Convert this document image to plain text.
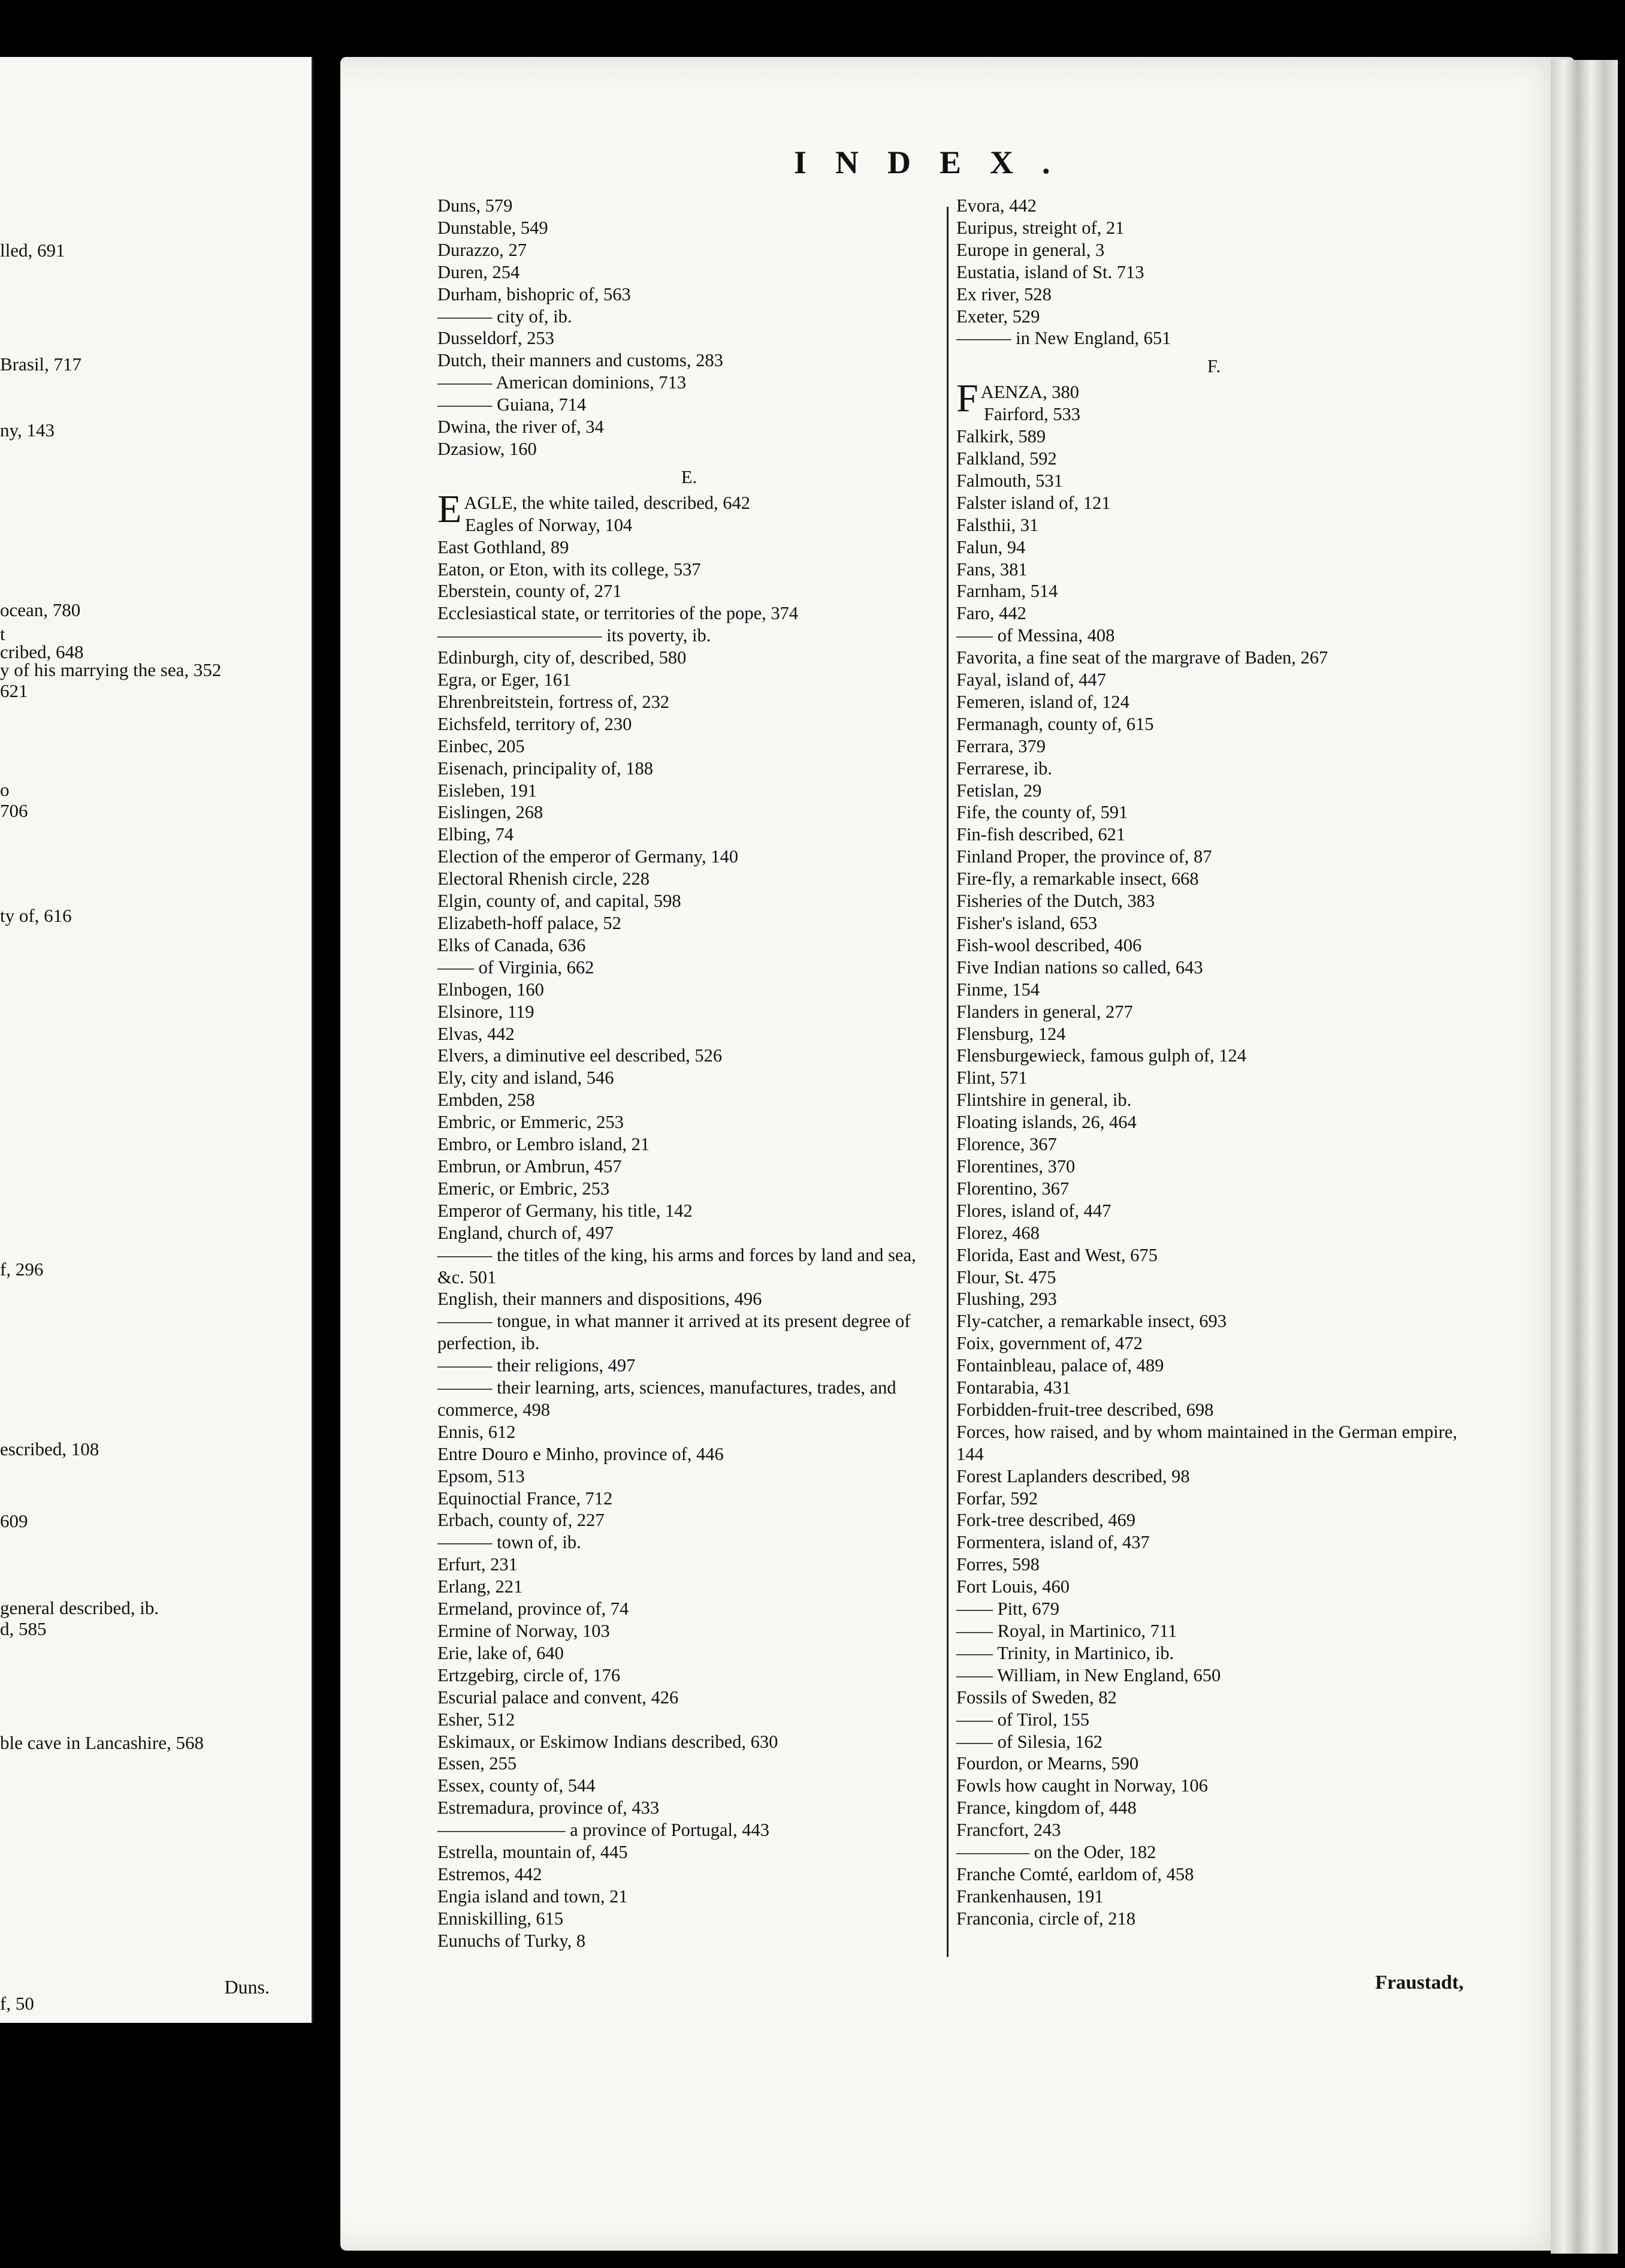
Duns.
lled, 691
Brasil, 717
ny, 143
ocean, 780
t
cribed, 648
y of his marrying the sea, 352
621
o
706
ty of, 616
f, 296
escribed, 108
609
general described, ib.
d, 585
ble cave in Lancashire, 568
f, 50
INDEX.
Duns, 579
Dunstable, 549
Durazzo, 27
Duren, 254
Durham, bishopric of, 563
——— city of, ib.
Dusseldorf, 253
Dutch, their manners and customs, 283
——— American dominions, 713
——— Guiana, 714
Dwina, the river of, 34
Dzasiow, 160
E.
EAGLE, the white tailed, described, 642
Eagles of Norway, 104
East Gothland, 89
Eaton, or Eton, with its college, 537
Eberstein, county of, 271
Ecclesiastical state, or territories of the pope, 374
————————— its poverty, ib.
Edinburgh, city of, described, 580
Egra, or Eger, 161
Ehrenbreitstein, fortress of, 232
Eichsfeld, territory of, 230
Einbec, 205
Eisenach, principality of, 188
Eisleben, 191
Eislingen, 268
Elbing, 74
Election of the emperor of Germany, 140
Electoral Rhenish circle, 228
Elgin, county of, and capital, 598
Elizabeth-hoff palace, 52
Elks of Canada, 636
—— of Virginia, 662
Elnbogen, 160
Elsinore, 119
Elvas, 442
Elvers, a diminutive eel described, 526
Ely, city and island, 546
Embden, 258
Embric, or Emmeric, 253
Embro, or Lembro island, 21
Embrun, or Ambrun, 457
Emeric, or Embric, 253
Emperor of Germany, his title, 142
England, church of, 497
——— the titles of the king, his arms and forces by land and sea, &c. 501
English, their manners and dispositions, 496
——— tongue, in what manner it arrived at its present degree of perfection, ib.
——— their religions, 497
——— their learning, arts, sciences, manufactures, trades, and commerce, 498
Ennis, 612
Entre Douro e Minho, province of, 446
Epsom, 513
Equinoctial France, 712
Erbach, county of, 227
——— town of, ib.
Erfurt, 231
Erlang, 221
Ermeland, province of, 74
Ermine of Norway, 103
Erie, lake of, 640
Ertzgebirg, circle of, 176
Escurial palace and convent, 426
Esher, 512
Eskimaux, or Eskimow Indians described, 630
Essen, 255
Essex, county of, 544
Estremadura, province of, 433
——————— a province of Portugal, 443
Estrella, mountain of, 445
Estremos, 442
Engia island and town, 21
Enniskilling, 615
Eunuchs of Turky, 8
Evora, 442
Euripus, streight of, 21
Europe in general, 3
Eustatia, island of St. 713
Ex river, 528
Exeter, 529
——— in New England, 651
F.
FAENZA, 380
Fairford, 533
Falkirk, 589
Falkland, 592
Falmouth, 531
Falster island of, 121
Falsthii, 31
Falun, 94
Fans, 381
Farnham, 514
Faro, 442
—— of Messina, 408
Favorita, a fine seat of the margrave of Baden, 267
Fayal, island of, 447
Femeren, island of, 124
Fermanagh, county of, 615
Ferrara, 379
Ferrarese, ib.
Fetislan, 29
Fife, the county of, 591
Fin-fish described, 621
Finland Proper, the province of, 87
Fire-fly, a remarkable insect, 668
Fisheries of the Dutch, 383
Fisher's island, 653
Fish-wool described, 406
Five Indian nations so called, 643
Finme, 154
Flanders in general, 277
Flensburg, 124
Flensburgewieck, famous gulph of, 124
Flint, 571
Flintshire in general, ib.
Floating islands, 26, 464
Florence, 367
Florentines, 370
Florentino, 367
Flores, island of, 447
Florez, 468
Florida, East and West, 675
Flour, St. 475
Flushing, 293
Fly-catcher, a remarkable insect, 693
Foix, government of, 472
Fontainbleau, palace of, 489
Fontarabia, 431
Forbidden-fruit-tree described, 698
Forces, how raised, and by whom maintained in the German empire, 144
Forest Laplanders described, 98
Forfar, 592
Fork-tree described, 469
Formentera, island of, 437
Forres, 598
Fort Louis, 460
—— Pitt, 679
—— Royal, in Martinico, 711
—— Trinity, in Martinico, ib.
—— William, in New England, 650
Fossils of Sweden, 82
—— of Tirol, 155
—— of Silesia, 162
Fourdon, or Mearns, 590
Fowls how caught in Norway, 106
France, kingdom of, 448
Francfort, 243
———— on the Oder, 182
Franche Comté, earldom of, 458
Frankenhausen, 191
Franconia, circle of, 218
Fraustadt,
